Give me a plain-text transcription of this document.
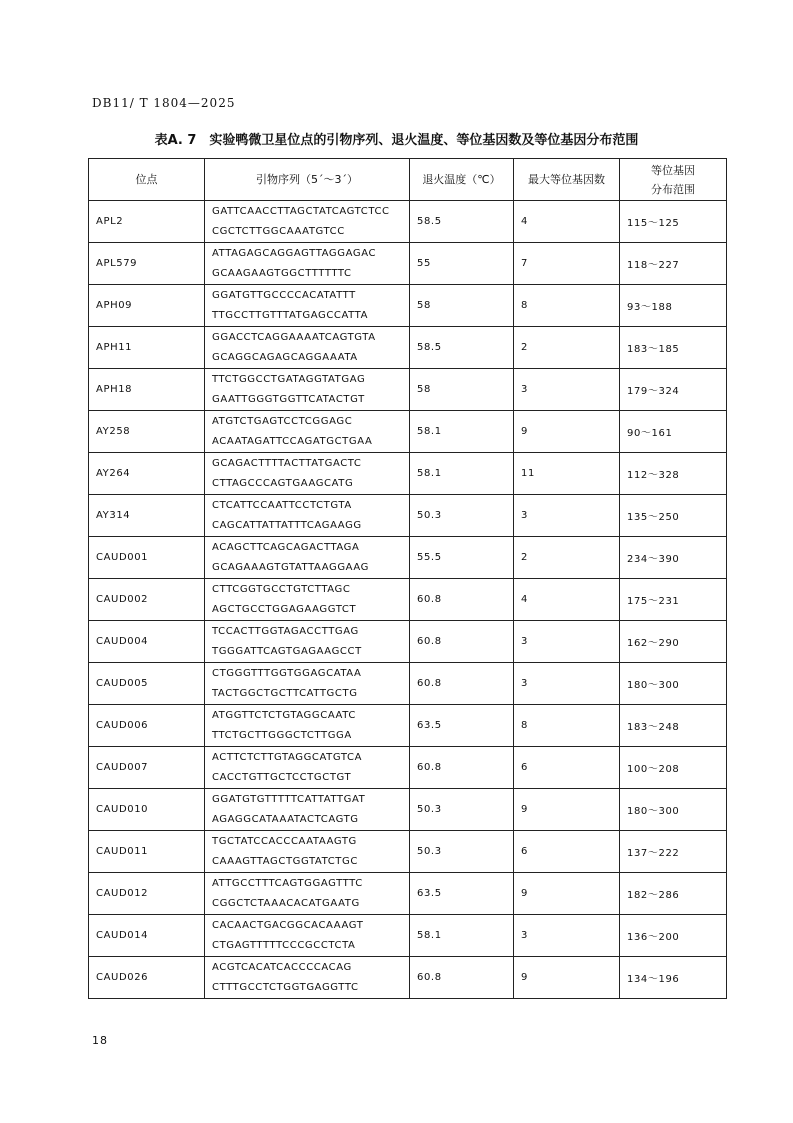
DB11/ T 1804—2025
表A. 7　实验鸭微卫星位点的引物序列、退火温度、等位基因数及等位基因分布范围
位点	引物序列（5´～3´）	退火温度（℃）	最大等位基因数	等位基因
分布范围

APL2	GATTCAACCTTAGCTATCAGTCTCC
CGCTCTTGGCAAATGTCC	58.5	4	115～125
APL579	ATTAGAGCAGGAGTTAGGAGAC
GCAAGAAGTGGCTTTTTTC	55	7	118～227
APH09	GGATGTTGCCCCACATATTT
TTGCCTTGTTTATGAGCCATTA	58	8	93～188
APH11	GGACCTCAGGAAAATCAGTGTA
GCAGGCAGAGCAGGAAATA	58.5	2	183～185
APH18	TTCTGGCCTGATAGGTATGAG
GAATTGGGTGGTTCATACTGT	58	3	179～324
AY258	ATGTCTGAGTCCTCGGAGC
ACAATAGATTCCAGATGCTGAA	58.1	9	90～161
AY264	GCAGACTTTTACTTATGACTC
CTTAGCCCAGTGAAGCATG	58.1	11	112～328
AY314	CTCATTCCAATTCCTCTGTA
CAGCATTATTATTTCAGAAGG	50.3	3	135～250
CAUD001	ACAGCTTCAGCAGACTTAGA
GCAGAAAGTGTATTAAGGAAG	55.5	2	234～390
CAUD002	CTTCGGTGCCTGTCTTAGC
AGCTGCCTGGAGAAGGTCT	60.8	4	175～231
CAUD004	TCCACTTGGTAGACCTTGAG
TGGGATTCAGTGAGAAGCCT	60.8	3	162～290
CAUD005	CTGGGTTTGGTGGAGCATAA
TACTGGCTGCTTCATTGCTG	60.8	3	180～300
CAUD006	ATGGTTCTCTGTAGGCAATC
TTCTGCTTGGGCTCTTGGA	63.5	8	183～248
CAUD007	ACTTCTCTTGTAGGCATGTCA
CACCTGTTGCTCCTGCTGT	60.8	6	100～208
CAUD010	GGATGTGTTTTTCATTATTGAT
AGAGGCATAAATACTCAGTG	50.3	9	180～300
CAUD011	TGCTATCCACCCAATAAGTG
CAAAGTTAGCTGGTATCTGC	50.3	6	137～222
CAUD012	ATTGCCTTTCAGTGGAGTTTC
CGGCTCTAAACACATGAATG	63.5	9	182～286
CAUD014	CACAACTGACGGCACAAAGT
CTGAGTTTTTCCCGCCTCTA	58.1	3	136～200
CAUD026	ACGTCACATCACCCCACAG
CTTTGCCTCTGGTGAGGTTC	60.8	9	134～196
18
